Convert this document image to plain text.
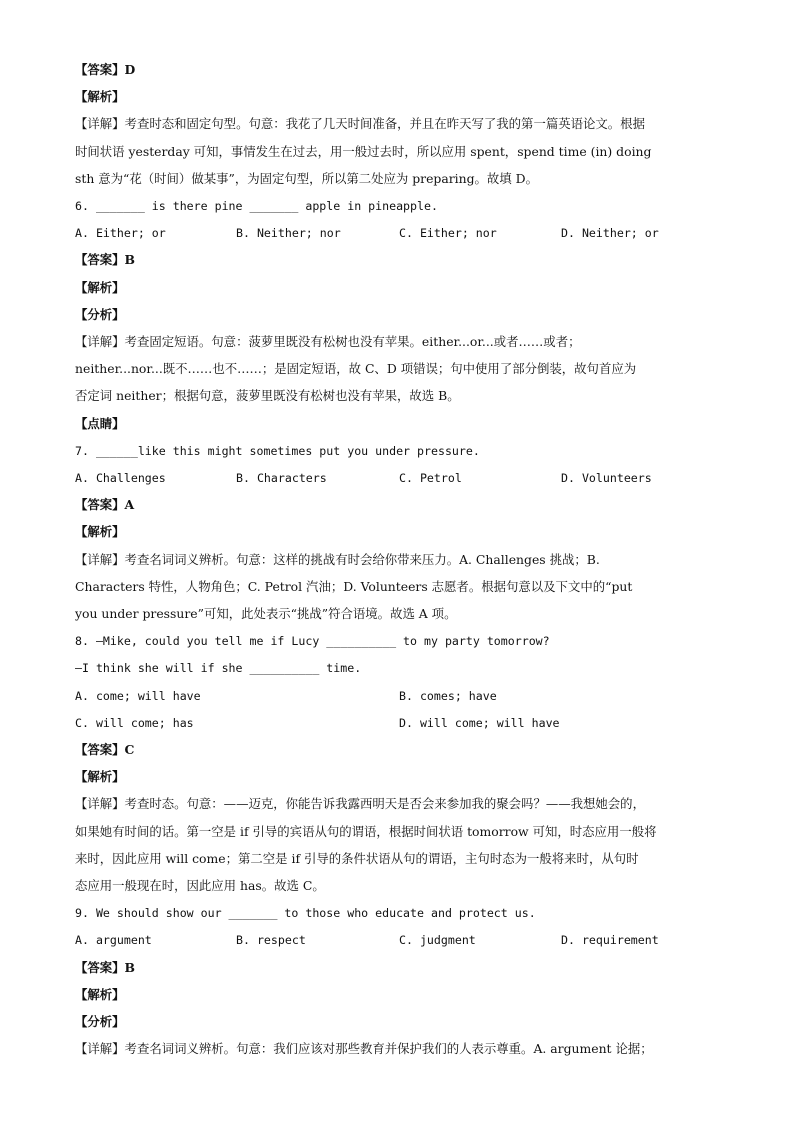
【答案】D
【解析】
【详解】考查时态和固定句型。句意：我花了几天时间准备，并且在昨天写了我的第一篇英语论文。根据
时间状语 yesterday 可知，事情发生在过去，用一般过去时，所以应用 spent，spend time (in) doing
sth 意为“花（时间）做某事”，为固定句型，所以第二处应为 preparing。故填 D。
6. _______ is there pine _______ apple in pineapple.
A. Either; or	B. Neither; nor	C. Either; nor	D. Neither; or
【答案】B
【解析】
【分析】
【详解】考查固定短语。句意：菠萝里既没有松树也没有苹果。either...or...或者……或者；
neither...nor...既不……也不……；是固定短语，故 C、D 项错误；句中使用了部分倒装，故句首应为
否定词 neither；根据句意，菠萝里既没有松树也没有苹果，故选 B。
【点睛】
7. ______like this might sometimes put you under pressure.
A. Challenges	B. Characters	C. Petrol	D. Volunteers
【答案】A
【解析】
【详解】考查名词词义辨析。句意：这样的挑战有时会给你带来压力。A. Challenges 挑战；B.
Characters 特性，人物角色；C. Petrol 汽油；D. Volunteers 志愿者。根据句意以及下文中的“put
you under pressure”可知，此处表示“挑战”符合语境。故选 A 项。
8. —Mike, could you tell me if Lucy __________ to my party tomorrow?
—I think she will if she __________ time.
A. come; will have	B. comes; have
C. will come; has	D. will come; will have
【答案】C
【解析】
【详解】考查时态。句意：——迈克，你能告诉我露西明天是否会来参加我的聚会吗？——我想她会的，
如果她有时间的话。第一空是 if 引导的宾语从句的谓语，根据时间状语 tomorrow 可知，时态应用一般将
来时，因此应用 will come；第二空是 if 引导的条件状语从句的谓语，主句时态为一般将来时，从句时
态应用一般现在时，因此应用 has。故选 C。
9. We should show our _______ to those who educate and protect us.
A. argument	B. respect	C. judgment	D. requirement
【答案】B
【解析】
【分析】
【详解】考查名词词义辨析。句意：我们应该对那些教育并保护我们的人表示尊重。A. argument 论据；
